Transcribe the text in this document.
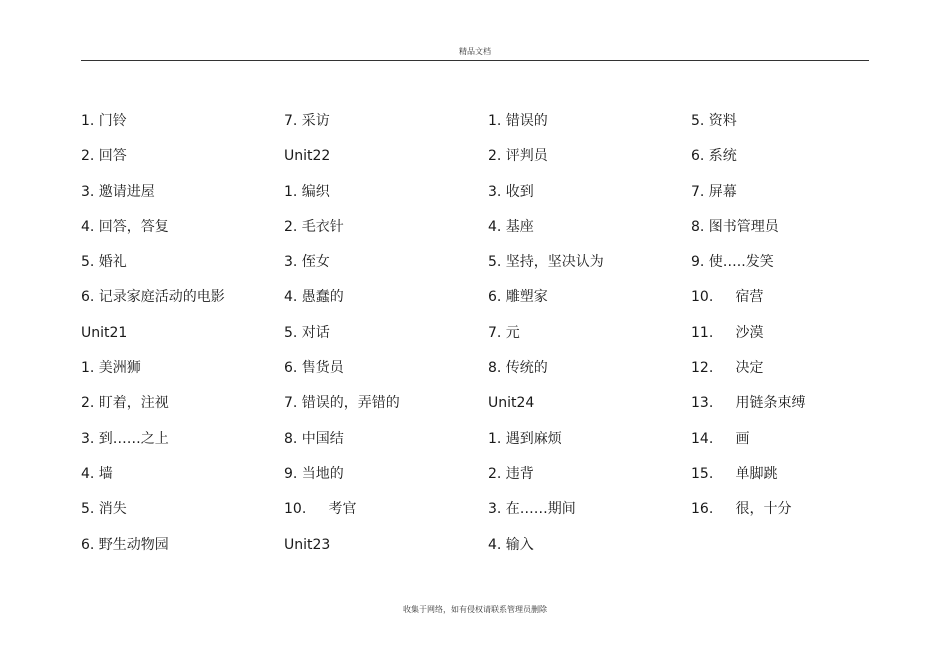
精品文档
1. 门铃
2. 回答
3. 邀请进屋
4. 回答，答复
5. 婚礼
6. 记录家庭活动的电影
Unit21
1. 美洲狮
2. 盯着，注视
3. 到……之上
4. 墙
5. 消失
6. 野生动物园
7. 采访
Unit22
1. 编织
2. 毛衣针
3. 侄女
4. 愚蠢的
5. 对话
6. 售货员
7. 错误的，弄错的
8. 中国结
9. 当地的
10.     考官
Unit23
1. 错误的
2. 评判员
3. 收到
4. 基座
5. 坚持，坚决认为
6. 雕塑家
7. 元
8. 传统的
Unit24
1. 遇到麻烦
2. 违背
3. 在……期间
4. 输入
5. 资料
6. 系统
7. 屏幕
8. 图书管理员
9. 使…..发笑
10.     宿营
11.     沙漠
12.     决定
13.     用链条束缚
14.     画
15.     单脚跳
16.     很，十分
收集于网络，如有侵权请联系管理员删除
